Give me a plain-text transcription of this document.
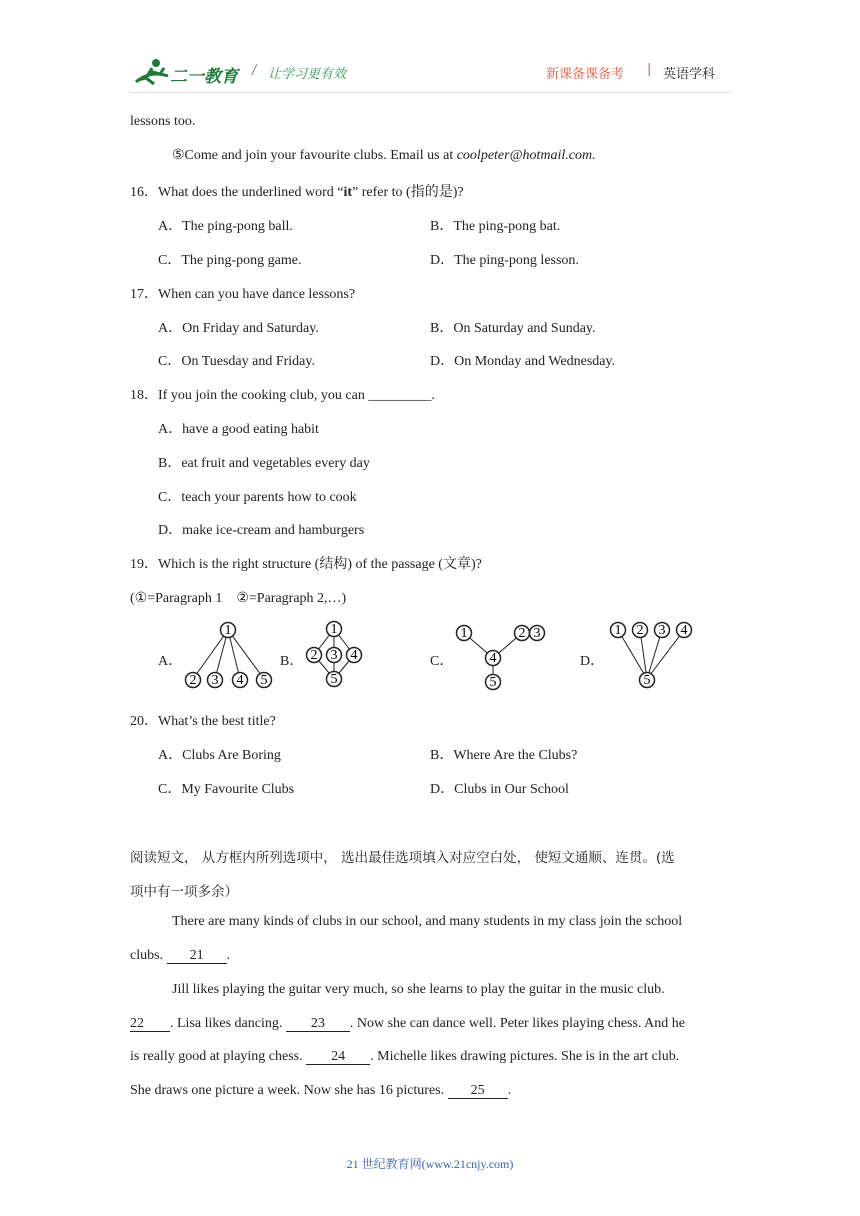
二一教育 / 让学习更有效	新课备课备考 | 英语学科
lessons too.
⑤Come and join your favourite clubs. Email us at coolpeter@hotmail.com.
16．What does the underlined word “it” refer to (指的是)?
A．The ping-pong ball.	B．The ping-pong bat.
C．The ping-pong game.	D．The ping-pong lesson.
17．When can you have dance lessons?
A．On Friday and Saturday.	B．On Saturday and Sunday.
C．On Tuesday and Friday.	D．On Monday and Wednesday.
18．If you join the cooking club, you can _________.
A．have a good eating habit
B．eat fruit and vegetables every day
C．teach your parents how to cook
D．make ice-cream and hamburgers
19．Which is the right structure (结构) of the passage (文章)?
(①=Paragraph 1　②=Paragraph 2,…)
A．	B．	C．	D．
1
2 3 4 5
1
2 3 4
5
1	2 3
4
5
1 2 3 4
5
20．What’s the best title?
A．Clubs Are Boring	B．Where Are the Clubs?
C．My Favourite Clubs	D．Clubs in Our School
阅读短文， 从方框内所列选项中， 选出最佳选项填入对应空白处， 使短文通顺、连贯。(选
项中有一项多余）
There are many kinds of clubs in our school, and many students in my class join the school
clubs. 21 .
Jill likes playing the guitar very much, so she learns to play the guitar in the music club.
22 . Lisa likes dancing. 23 . Now she can dance well. Peter likes playing chess. And he
is really good at playing chess. 24 . Michelle likes drawing pictures. She is in the art club.
She draws one picture a week. Now she has 16 pictures. 25 .
21 世纪教育网(www.21cnjy.com)
